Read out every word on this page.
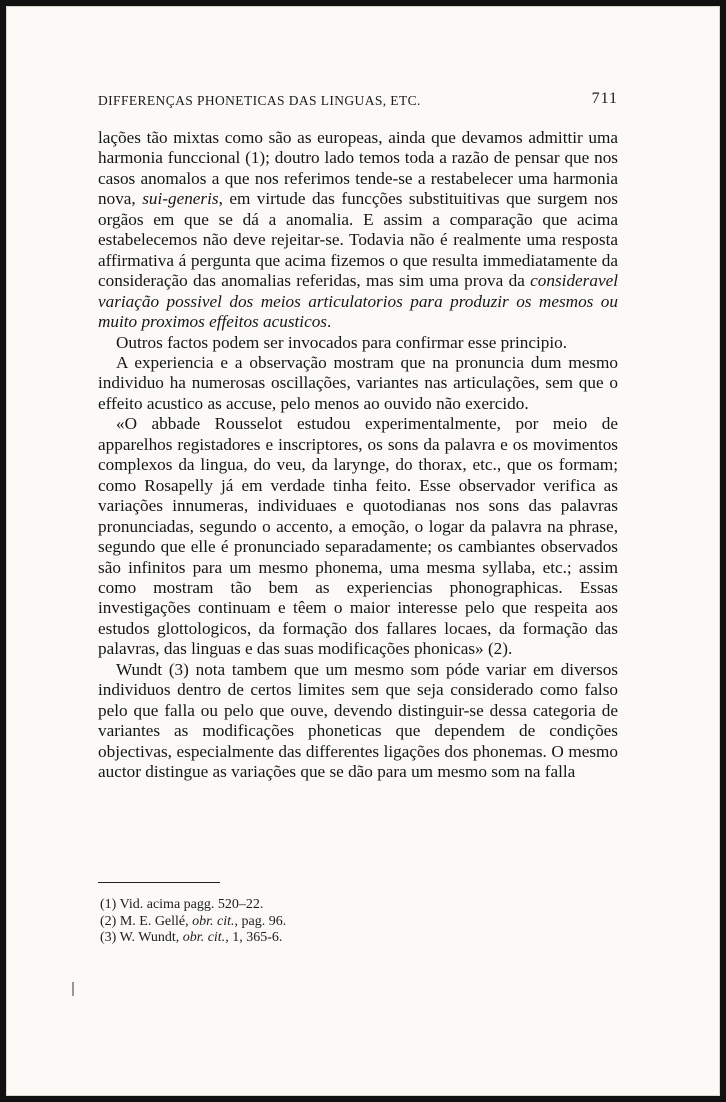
DIFFERENÇAS PHONETICAS DAS LINGUAS, ETC.	711

lações tão mixtas como são as europeas, ainda que devamos admittir uma harmonia funccional (1); doutro lado temos toda a razão de pensar que nos casos anomalos a que nos referimos tende-se a restabelecer uma harmonia nova, sui-generis, em virtude das funcções substituitivas que surgem nos orgãos em que se dá a anomalia. E assim a comparação que acima estabelecemos não deve rejeitar-se. Todavia não é realmente uma resposta affirmativa á pergunta que acima fizemos o que resulta immediatamente da consideração das anomalias referidas, mas sim uma prova da consideravel variação possivel dos meios articulatorios para produzir os mesmos ou muito proximos effeitos acusticos.

Outros factos podem ser invocados para confirmar esse principio.

A experiencia e a observação mostram que na pronuncia dum mesmo individuo ha numerosas oscillações, variantes nas articulações, sem que o effeito acustico as accuse, pelo menos ao ouvido não exercido.

«O abbade Rousselot estudou experimentalmente, por meio de apparelhos registadores e inscriptores, os sons da palavra e os movimentos complexos da lingua, do veu, da larynge, do thorax, etc., que os formam; como Rosapelly já em verdade tinha feito. Esse observador verifica as variações innumeras, individuaes e quotodianas nos sons das palavras pronunciadas, segundo o accento, a emoção, o logar da palavra na phrase, segundo que elle é pronunciado separadamente; os cambiantes observados são infinitos para um mesmo phonema, uma mesma syllaba, etc.; assim como mostram tão bem as experiencias phonographicas. Essas investigações continuam e têem o maior interesse pelo que respeita aos estudos glottologicos, da formação dos fallares locaes, da formação das palavras, das linguas e das suas modificações phonicas» (2).

Wundt (3) nota tambem que um mesmo som póde variar em diversos individuos dentro de certos limites sem que seja considerado como falso pelo que falla ou pelo que ouve, devendo distinguir-se dessa categoria de variantes as modificações phoneticas que dependem de condições objectivas, especialmente das differentes ligações dos phonemas. O mesmo auctor distingue as variações que se dão para um mesmo som na falla

(1) Vid. acima pagg. 520–22.
(2) M. E. Gellé, obr. cit., pag. 96.
(3) W. Wundt, obr. cit., 1, 365-6.
